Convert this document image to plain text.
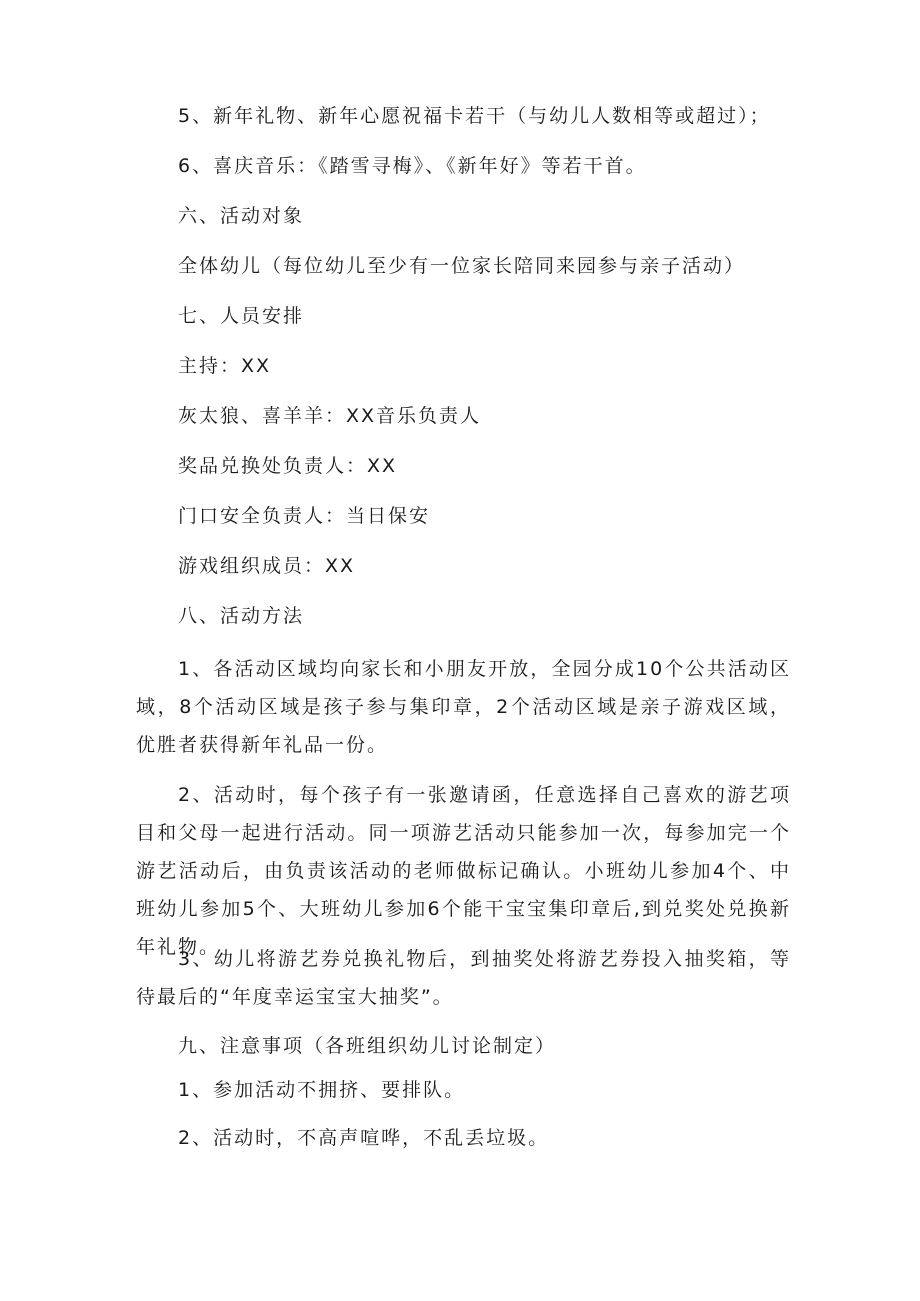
5、新年礼物、新年心愿祝福卡若干（与幼儿人数相等或超过）；
6、喜庆音乐：《踏雪寻梅》、《新年好》等若干首。
六、活动对象
全体幼儿（每位幼儿至少有一位家长陪同来园参与亲子活动）
七、人员安排
主持：XX
灰太狼、喜羊羊：XX音乐负责人
奖品兑换处负责人：XX
门口安全负责人：当日保安
游戏组织成员：XX
八、活动方法
1、各活动区域均向家长和小朋友开放，全园分成10个公共活动区域，8个活动区域是孩子参与集印章，2个活动区域是亲子游戏区域，优胜者获得新年礼品一份。
2、活动时，每个孩子有一张邀请函，任意选择自己喜欢的游艺项目和父母一起进行活动。同一项游艺活动只能参加一次，每参加完一个游艺活动后，由负责该活动的老师做标记确认。小班幼儿参加4个、中班幼儿参加5个、大班幼儿参加6个能干宝宝集印章后,到兑奖处兑换新年礼物。
3、幼儿将游艺券兑换礼物后，到抽奖处将游艺券投入抽奖箱，等待最后的“年度幸运宝宝大抽奖”。
九、注意事项（各班组织幼儿讨论制定）
1、参加活动不拥挤、要排队。
2、活动时，不高声喧哗，不乱丢垃圾。
